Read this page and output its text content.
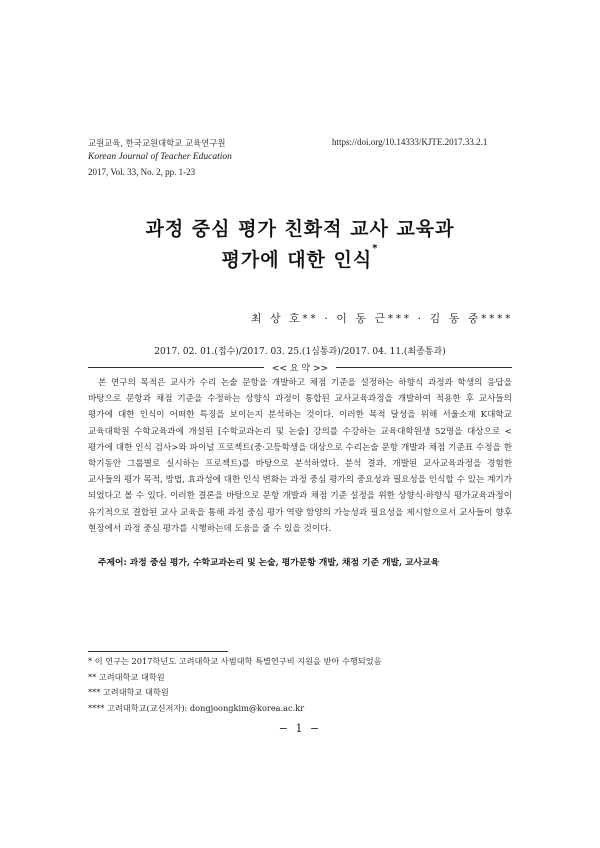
교원교육, 한국교원대학교 교육연구원
Korean Journal of Teacher Education
2017, Vol. 33, No. 2, pp. 1-23
https://doi.org/10.14333/KJTE.2017.33.2.1
과정 중심 평가 친화적 교사 교육과
평가에 대한 인식*
최 상 호** · 이 동 근*** · 김 동 중****
2017. 02. 01.(접수)/2017. 03. 25.(1심통과)/2017. 04. 11.(최종통과)
<< 요 약 >>
본 연구의 목적은 교사가 수리 논술 문항을 개발하고 채점 기준을 설정하는 하향식 과정과 학생의 응답을 바탕으로 문항과 채점 기준을 수정하는 상향식 과정이 통합된 교사교육과정을 개발하여 적용한 후 교사들의 평가에 대한 인식이 어떠한 특징을 보이는지 분석하는 것이다. 이러한 목적 달성을 위해 서울소재 K대학교 교육대학원 수학교육과에 개설된 [수학교과논리 및 논술] 강의를 수강하는 교육대학원생 52명을 대상으로 <평가에 대한 인식 검사>와 파이널 프로젝트(중·고등학생을 대상으로 수리논술 문항 개발과 채점 기준표 수정을 한 학기동안 그룹별로 실시하는 프로젝트)를 바탕으로 분석하였다. 분석 결과, 개발된 교사교육과정을 경험한 교사들의 평가 목적, 방법, 효과성에 대한 인식 변화는 과정 중심 평가의 중요성과 필요성을 인식할 수 있는 계기가 되었다고 볼 수 있다. 이러한 결론을 바탕으로 문항 개발과 채점 기준 설정을 위한 상향식·하향식 평가교육과정이 유기적으로 결합된 교사 교육을 통해 과정 중심 평가 역량 함양의 가능성과 필요성을 제시함으로서 교사들이 향후 현장에서 과정 중심 평가를 시행하는데 도움을 줄 수 있을 것이다.
주제어: 과정 중심 평가, 수학교과논리 및 논술, 평가문항 개발, 채점 기준 개발, 교사교육
* 이 연구는 2017학년도 고려대학교 사범대학 특별연구비 지원을 받아 수행되었음
** 고려대학교 대학원
*** 고려대학교 대학원
**** 고려대학교(교신저자): dongjoongkim@korea.ac.kr
− 1 −
